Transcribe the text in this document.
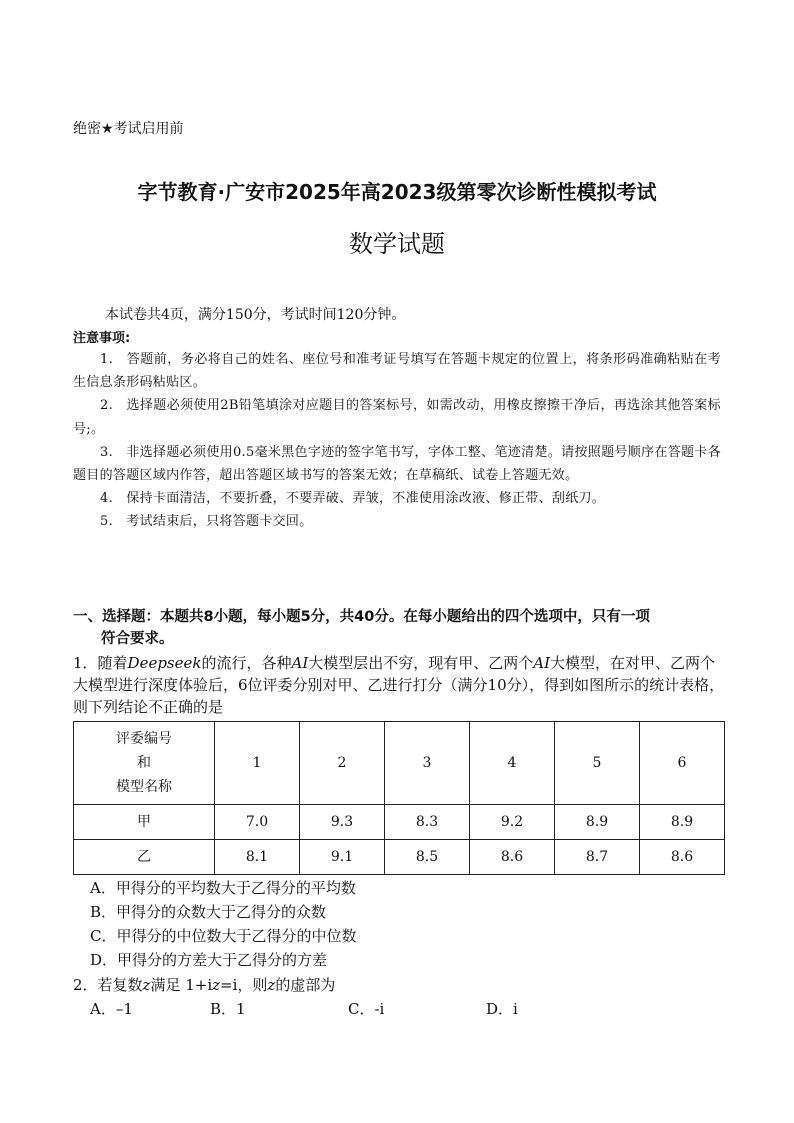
绝密★考试启用前
字节教育·广安市2025年高2023级第零次诊断性模拟考试
数学试题
本试卷共4页，满分150分，考试时间120分钟。
注意事项:
1.　答题前，务必将自己的姓名、座位号和准考证号填写在答题卡规定的位置上，将条形码准确粘贴在考生信息条形码粘贴区。
2.　选择题必须使用2B铅笔填涂对应题目的答案标号，如需改动，用橡皮擦擦干净后，再选涂其他答案标号;。
3.　非选择题必须使用0.5毫米黑色字迹的签字笔书写，字体工整、笔迹清楚。请按照题号顺序在答题卡各题目的答题区域内作答，超出答题区域书写的答案无效；在草稿纸、试卷上答题无效。
4.　保持卡面清洁，不要折叠，不要弄破、弄皱，不准使用涂改液、修正带、刮纸刀。
5.　考试结束后，只将答题卡交回。
一、选择题：本题共8小题，每小题5分，共40分。在每小题给出的四个选项中，只有一项
符合要求。
1．随着Deepseek的流行，各种AI大模型层出不穷，现有甲、乙两个AI大模型，在对甲、乙两个大模型进行深度体验后，6位评委分别对甲、乙进行打分（满分10分），得到如图所示的统计表格，则下列结论不正确的是
评委编号
和
模型名称	1	2	3	4	5	6
甲	7.0	9.3	8.3	9.2	8.9	8.9
乙	8.1	9.1	8.5	8.6	8.7	8.6
A．甲得分的平均数大于乙得分的平均数
B．甲得分的众数大于乙得分的众数
C．甲得分的中位数大于乙得分的中位数
D．甲得分的方差大于乙得分的方差
2．若复数z满足 1+iz=i，则z的虚部为
A．–1	B．1	C．-i	D．i
